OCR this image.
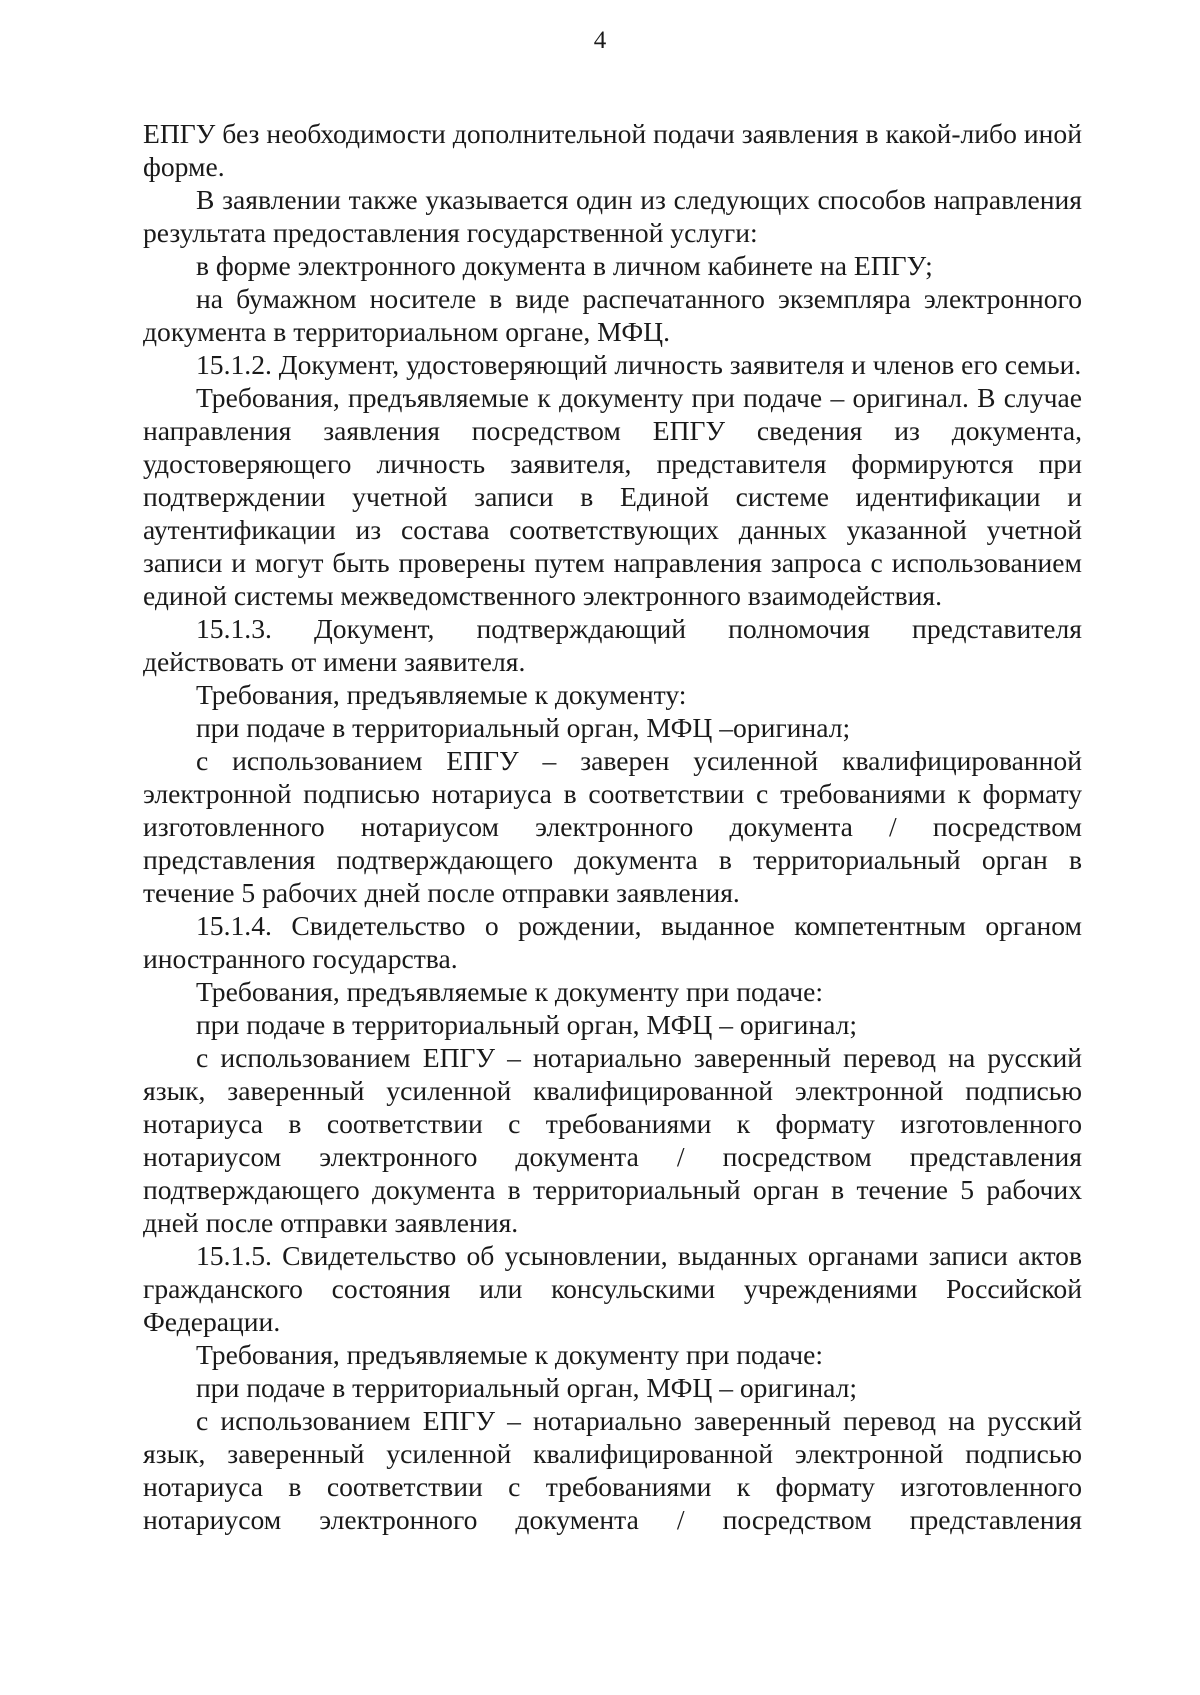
4

ЕПГУ без необходимости дополнительной подачи заявления в какой-либо иной форме.

В заявлении также указывается один из следующих способов направления результата предоставления государственной услуги:

в форме электронного документа в личном кабинете на ЕПГУ;

на бумажном носителе в виде распечатанного экземпляра электронного документа в территориальном органе, МФЦ.

15.1.2. Документ, удостоверяющий личность заявителя и членов его семьи.

Требования, предъявляемые к документу при подаче – оригинал. В случае направления заявления посредством ЕПГУ сведения из документа, удостоверяющего личность заявителя, представителя формируются при подтверждении учетной записи в Единой системе идентификации и аутентификации из состава соответствующих данных указанной учетной записи и могут быть проверены путем направления запроса с использованием единой системы межведомственного электронного взаимодействия.

15.1.3. Документ, подтверждающий полномочия представителя действовать от имени заявителя.

Требования, предъявляемые к документу:

при подаче в территориальный орган, МФЦ –оригинал;

с использованием ЕПГУ – заверен усиленной квалифицированной электронной подписью нотариуса в соответствии с требованиями к формату изготовленного нотариусом электронного документа / посредством представления подтверждающего документа в территориальный орган в течение 5 рабочих дней после отправки заявления.

15.1.4. Свидетельство о рождении, выданное компетентным органом иностранного государства.

Требования, предъявляемые к документу при подаче:

при подаче в территориальный орган, МФЦ – оригинал;

с использованием ЕПГУ – нотариально заверенный перевод на русский язык, заверенный усиленной квалифицированной электронной подписью нотариуса в соответствии с требованиями к формату изготовленного нотариусом электронного документа / посредством представления подтверждающего документа в территориальный орган в течение 5 рабочих дней после отправки заявления.

15.1.5. Свидетельство об усыновлении, выданных органами записи актов гражданского состояния или консульскими учреждениями Российской Федерации.

Требования, предъявляемые к документу при подаче:

при подаче в территориальный орган, МФЦ – оригинал;

с использованием ЕПГУ – нотариально заверенный перевод на русский язык, заверенный усиленной квалифицированной электронной подписью нотариуса в соответствии с требованиями к формату изготовленного нотариусом электронного документа / посредством представления
